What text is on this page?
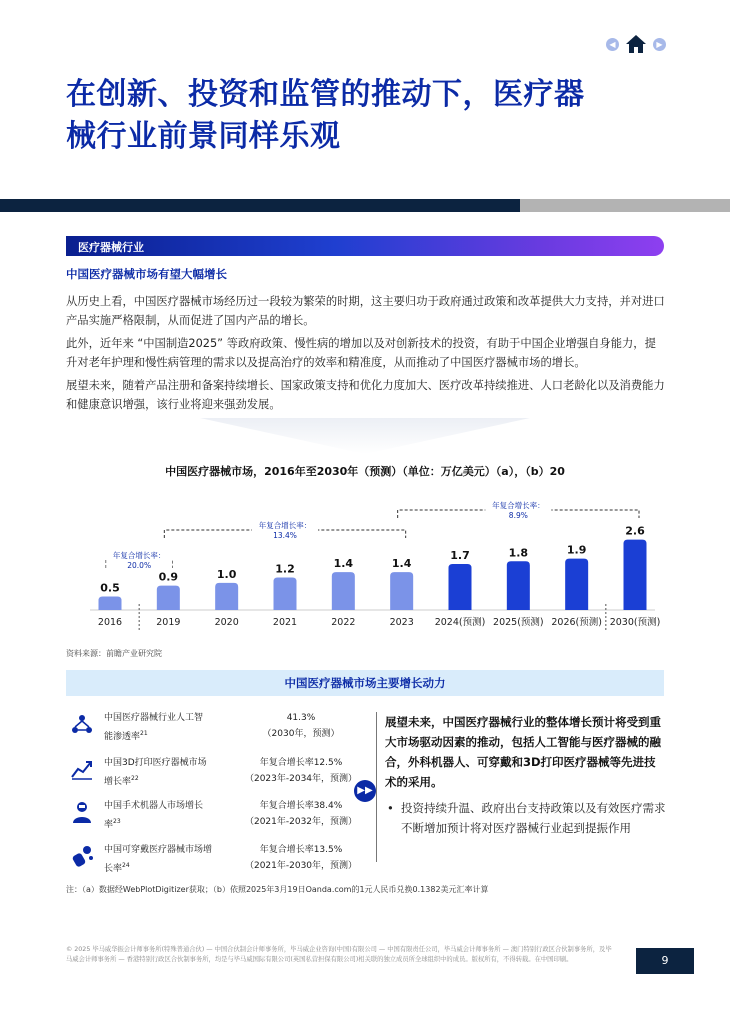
◀	▶
在创新、投资和监管的推动下，医疗器
械行业前景同样乐观
医疗器械行业
中国医疗器械市场有望大幅增长
从历史上看，中国医疗器械市场经历过一段较为繁荣的时期，这主要归功于政府通过政策和改革提供大力支持，并对进口产品实施严格限制，从而促进了国内产品的增长。
此外，近年来 “中国制造2025” 等政府政策、慢性病的增加以及对创新技术的投资，有助于中国企业增强自身能力，提升对老年护理和慢性病管理的需求以及提高治疗的效率和精准度，从而推动了中国医疗器械市场的增长。
展望未来，随着产品注册和备案持续增长、国家政策支持和优化力度加大、医疗改革持续推进、人口老龄化以及消费能力和健康意识增强，该行业将迎来强劲发展。
中国医疗器械市场，2016年至2030年（预测）（单位：万亿美元）（a），（b）20
0.5
2016
0.9
2019
1.0
2020
1.2
2021
1.4
2022
1.4
2023
1.7
2024(预测)
1.8
2025(预测)
1.9
2026(预测)
2.6
2030(预测)
年复合增长率：
20.0%
年复合增长率：
13.4%
年复合增长率：
8.9%
资料来源：前瞻产业研究院
中国医疗器械市场主要增长动力
中国医疗器械行业人工智
能渗透率$^{21}$
41.3%
（2030年，预测）
中国3D打印医疗器械市场
增长率$^{22}$
年复合增长率12.5%
（2023年-2034年，预测）
中国手术机器人市场增长
率$^{23}$
年复合增长率38.4%
（2021年-2032年，预测）
中国可穿戴医疗器械市场增
长率$^{24}$
年复合增长率13.5%
（2021年-2030年，预测）
▶▶
展望未来，中国医疗器械行业的整体增长预计将受到重大市场驱动因素的推动，包括人工智能与医疗器械的融合，外科机器人、可穿戴和3D打印医疗器械等先进技术的采用。
• 投资持续升温、政府出台支持政策以及有效医疗需求不断增加预计将对医疗器械行业起到提振作用
注：（a）数据经WebPlotDigitizer获取；（b）依照2025年3月19日Oanda.com的1元人民币兑换0.1382美元汇率计算
© 2025 毕马威华振会计师事务所(特殊普通合伙) — 中国合伙制会计师事务所，毕马威企业咨询(中国)有限公司 — 中国有限责任公司，毕马威会计师事务所 — 澳门特别行政区合伙制事务所，及毕马威会计师事务所 — 香港特别行政区合伙制事务所，均是与毕马威国际有限公司(英国私营担保有限公司)相关联的独立成员所全球组织中的成员。版权所有，不得转载。在中国印刷。	9
